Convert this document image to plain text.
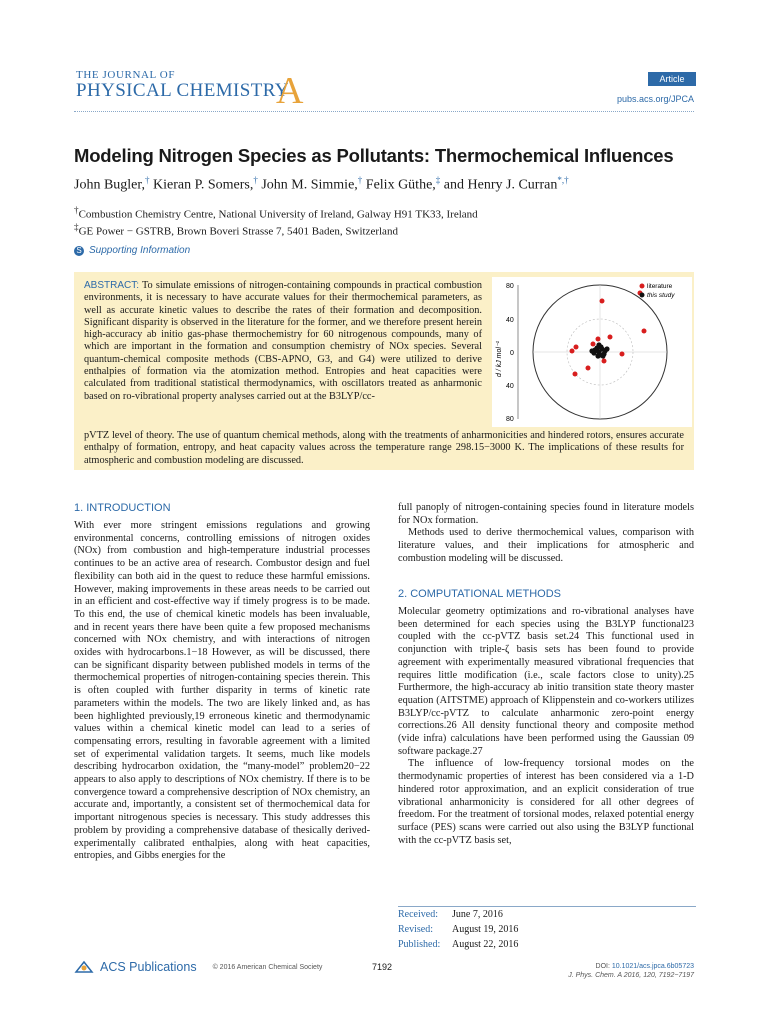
THE JOURNAL OF
PHYSICAL CHEMISTRY
A	Article
pubs.acs.org/JPCA
Modeling Nitrogen Species as Pollutants: Thermochemical Influences
John Bugler,† Kieran P. Somers,† John M. Simmie,† Felix Güthe,‡ and Henry J. Curran*,†
†Combustion Chemistry Centre, National University of Ireland, Galway H91 TK33, Ireland
‡GE Power − GSTRB, Brown Boveri Strasse 7, 5401 Baden, Switzerland
S Supporting Information
ABSTRACT: To simulate emissions of nitrogen-containing compounds in practical combustion environments, it is necessary to have accurate values for their thermochemical parameters, as well as accurate kinetic values to describe the rates of their formation and decomposition. Significant disparity is observed in the literature for the former, and we therefore present herein high-accuracy ab initio gas-phase thermochemistry for 60 nitrogenous compounds, many of which are important in the formation and consumption chemistry of NOx species. Several quantum-chemical composite methods (CBS-APNO, G3, and G4) were utilized to derive enthalpies of formation via the atomization method. Entropies and heat capacities were calculated from traditional statistical thermodynamics, with oscillators treated as anharmonic based on ro-vibrational property analyses carried out at the B3LYP/cc-
pVTZ level of theory. The use of quantum chemical methods, along with the treatments of anharmonicities and hindered rotors, ensures accurate enthalpy of formation, entropy, and heat capacity values across the temperature range 298.15−3000 K. The implications of these results for atmospheric and combustion modeling are discussed.
80
40
0
40
80
d / kJ mol⁻¹
literature
this study
1. INTRODUCTION

With ever more stringent emissions regulations and growing environmental concerns, controlling emissions of nitrogen oxides (NOx) from combustion and high-temperature industrial processes continues to be an active area of research. Combustor design and fuel flexibility can both aid in the quest to reduce these harmful emissions. However, making improvements in these areas needs to be carried out in an efficient and cost-effective way if timely progress is to be made. To this end, the use of chemical kinetic models has been invaluable, and in recent years there have been quite a few proposed mechanisms concerned with NOx chemistry, and with interactions of nitrogen oxides with hydrocarbons.1−18 However, as will be discussed, there can be significant disparity between published models in terms of the thermochemical properties of nitrogen-containing species therein. This is often coupled with further disparity in terms of kinetic rate parameters within the models. The two are likely linked and, as has been highlighted previously,19 erroneous kinetic and thermodynamic values within a chemical kinetic model can lead to a series of compensating errors, resulting in favorable agreement with a limited set of experimental validation targets. It seems, much like models describing hydrocarbon oxidation, the “many-model” problem20−22 appears to also apply to descriptions of NOx chemistry. If there is to be convergence toward a comprehensive description of NOx chemistry, an accurate and, importantly, a consistent set of thermochemical data for important nitrogenous species is necessary. This study addresses this problem by providing a comprehensive database of thesically derived-experimentally calibrated enthalpies, along with heat capacities, entropies, and Gibbs energies for the

full panoply of nitrogen-containing species found in literature models for NOx formation.

Methods used to derive thermochemical values, comparison with literature values, and their implications for atmospheric and combustion modeling will be discussed.

2. COMPUTATIONAL METHODS

Molecular geometry optimizations and ro-vibrational analyses have been determined for each species using the B3LYP functional23 coupled with the cc-pVTZ basis set.24 This functional used in conjunction with triple-ζ basis sets has been found to provide agreement with experimentally measured vibrational frequencies that requires little modification (i.e., scale factors close to unity).25 Furthermore, the high-accuracy ab initio transition state theory master equation (AITSTME) approach of Klippenstein and co-workers utilizes B3LYP/cc-pVTZ to calculate anharmonic zero-point energy corrections.26 All density functional theory and composite method (vide infra) calculations have been performed using the Gaussian 09 software package.27

The influence of low-frequency torsional modes on the thermodynamic properties of interest has been considered via a 1-D hindered rotor approximation, and an explicit consideration of true vibrational anharmonicity is considered for all other degrees of freedom. For the treatment of torsional modes, relaxed potential energy surface (PES) scans were carried out also using the B3LYP functional with the cc-pVTZ basis set,

Received:	June 7, 2016
Revised:	August 19, 2016
Published:	August 22, 2016
ACS Publications © 2016 American Chemical Society	7192	DOI: 10.1021/acs.jpca.6b05723
J. Phys. Chem. A 2016, 120, 7192−7197
